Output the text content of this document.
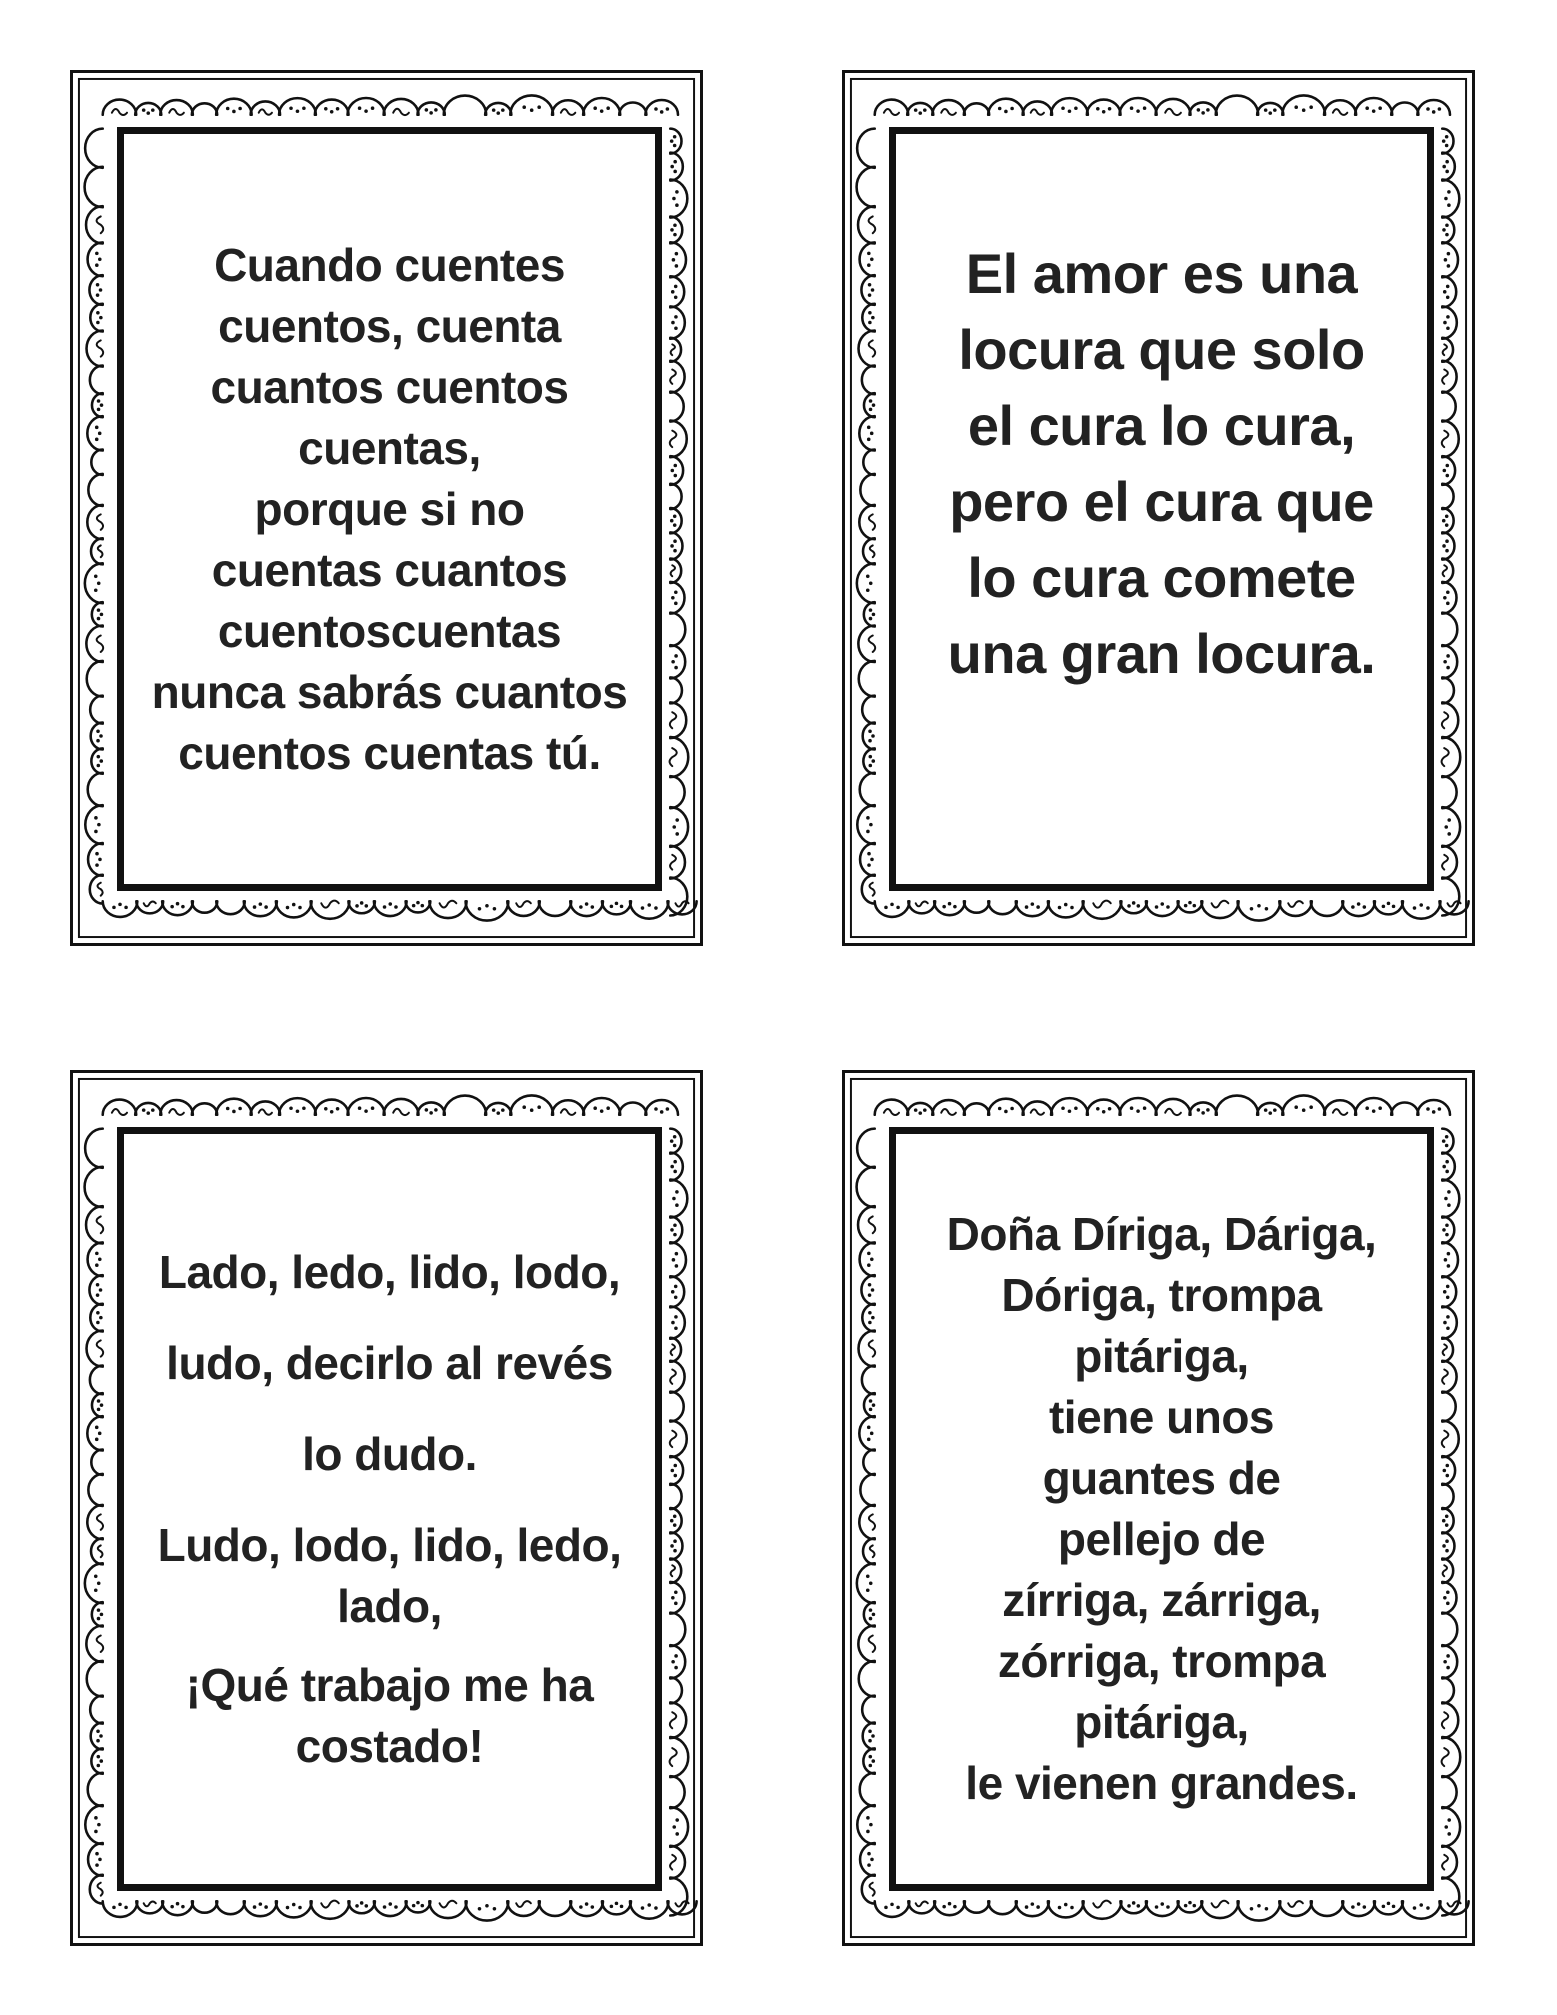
Cuando cuentes
cuentos, cuenta
cuantos cuentos
cuentas,
porque si no
cuentas cuantos
cuentoscuentas
nunca sabrás cuantos
cuentos cuentas tú.
El amor es una
locura que solo
el cura lo cura,
pero el cura que
lo cura comete
una gran locura.
Lado, ledo, lido, lodo,
ludo, decirlo al revés
lo dudo.
Ludo, lodo, lido, ledo,
lado,
¡Qué trabajo me ha
costado!
Doña Díriga, Dáriga,
Dóriga, trompa
pitáriga,
tiene unos
guantes de
pellejo de
zírriga, zárriga,
zórriga, trompa
pitáriga,
le vienen grandes.
